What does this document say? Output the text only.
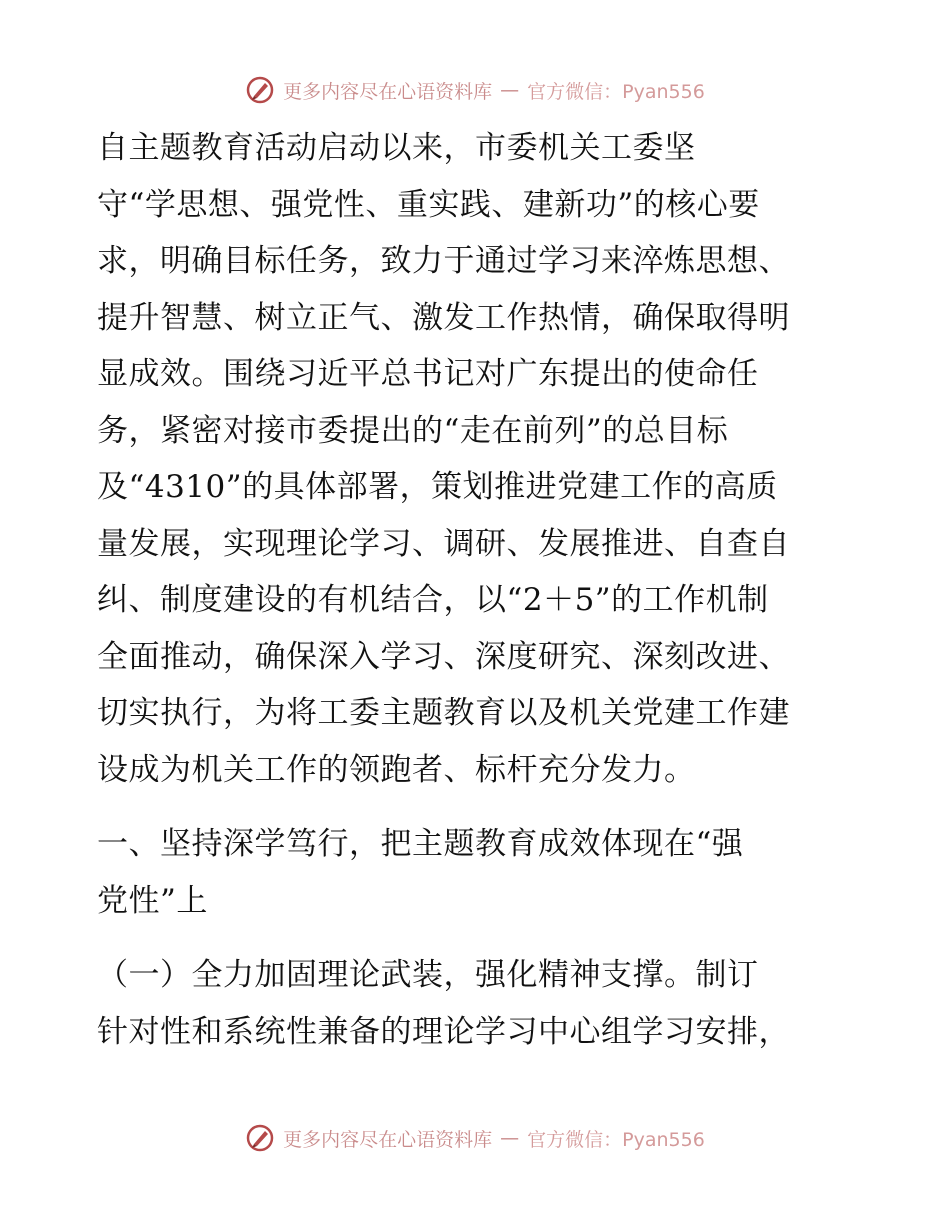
更多内容尽在心语资料库 — 官方微信：Pyan556
自主题教育活动启动以来，市委机关工委坚
守“学思想、强党性、重实践、建新功”的核心要
求，明确目标任务，致力于通过学习来淬炼思想、
提升智慧、树立正气、激发工作热情，确保取得明
显成效。围绕习近平总书记对广东提出的使命任
务，紧密对接市委提出的“走在前列”的总目标
及“4310”的具体部署，策划推进党建工作的高质
量发展，实现理论学习、调研、发展推进、自查自
纠、制度建设的有机结合，以“2＋5”的工作机制
全面推动，确保深入学习、深度研究、深刻改进、
切实执行，为将工委主题教育以及机关党建工作建
设成为机关工作的领跑者、标杆充分发力。
一、坚持深学笃行，把主题教育成效体现在“强
党性”上
（一）全力加固理论武装，强化精神支撑。制订
针对性和系统性兼备的理论学习中心组学习安排，
更多内容尽在心语资料库 — 官方微信：Pyan556
